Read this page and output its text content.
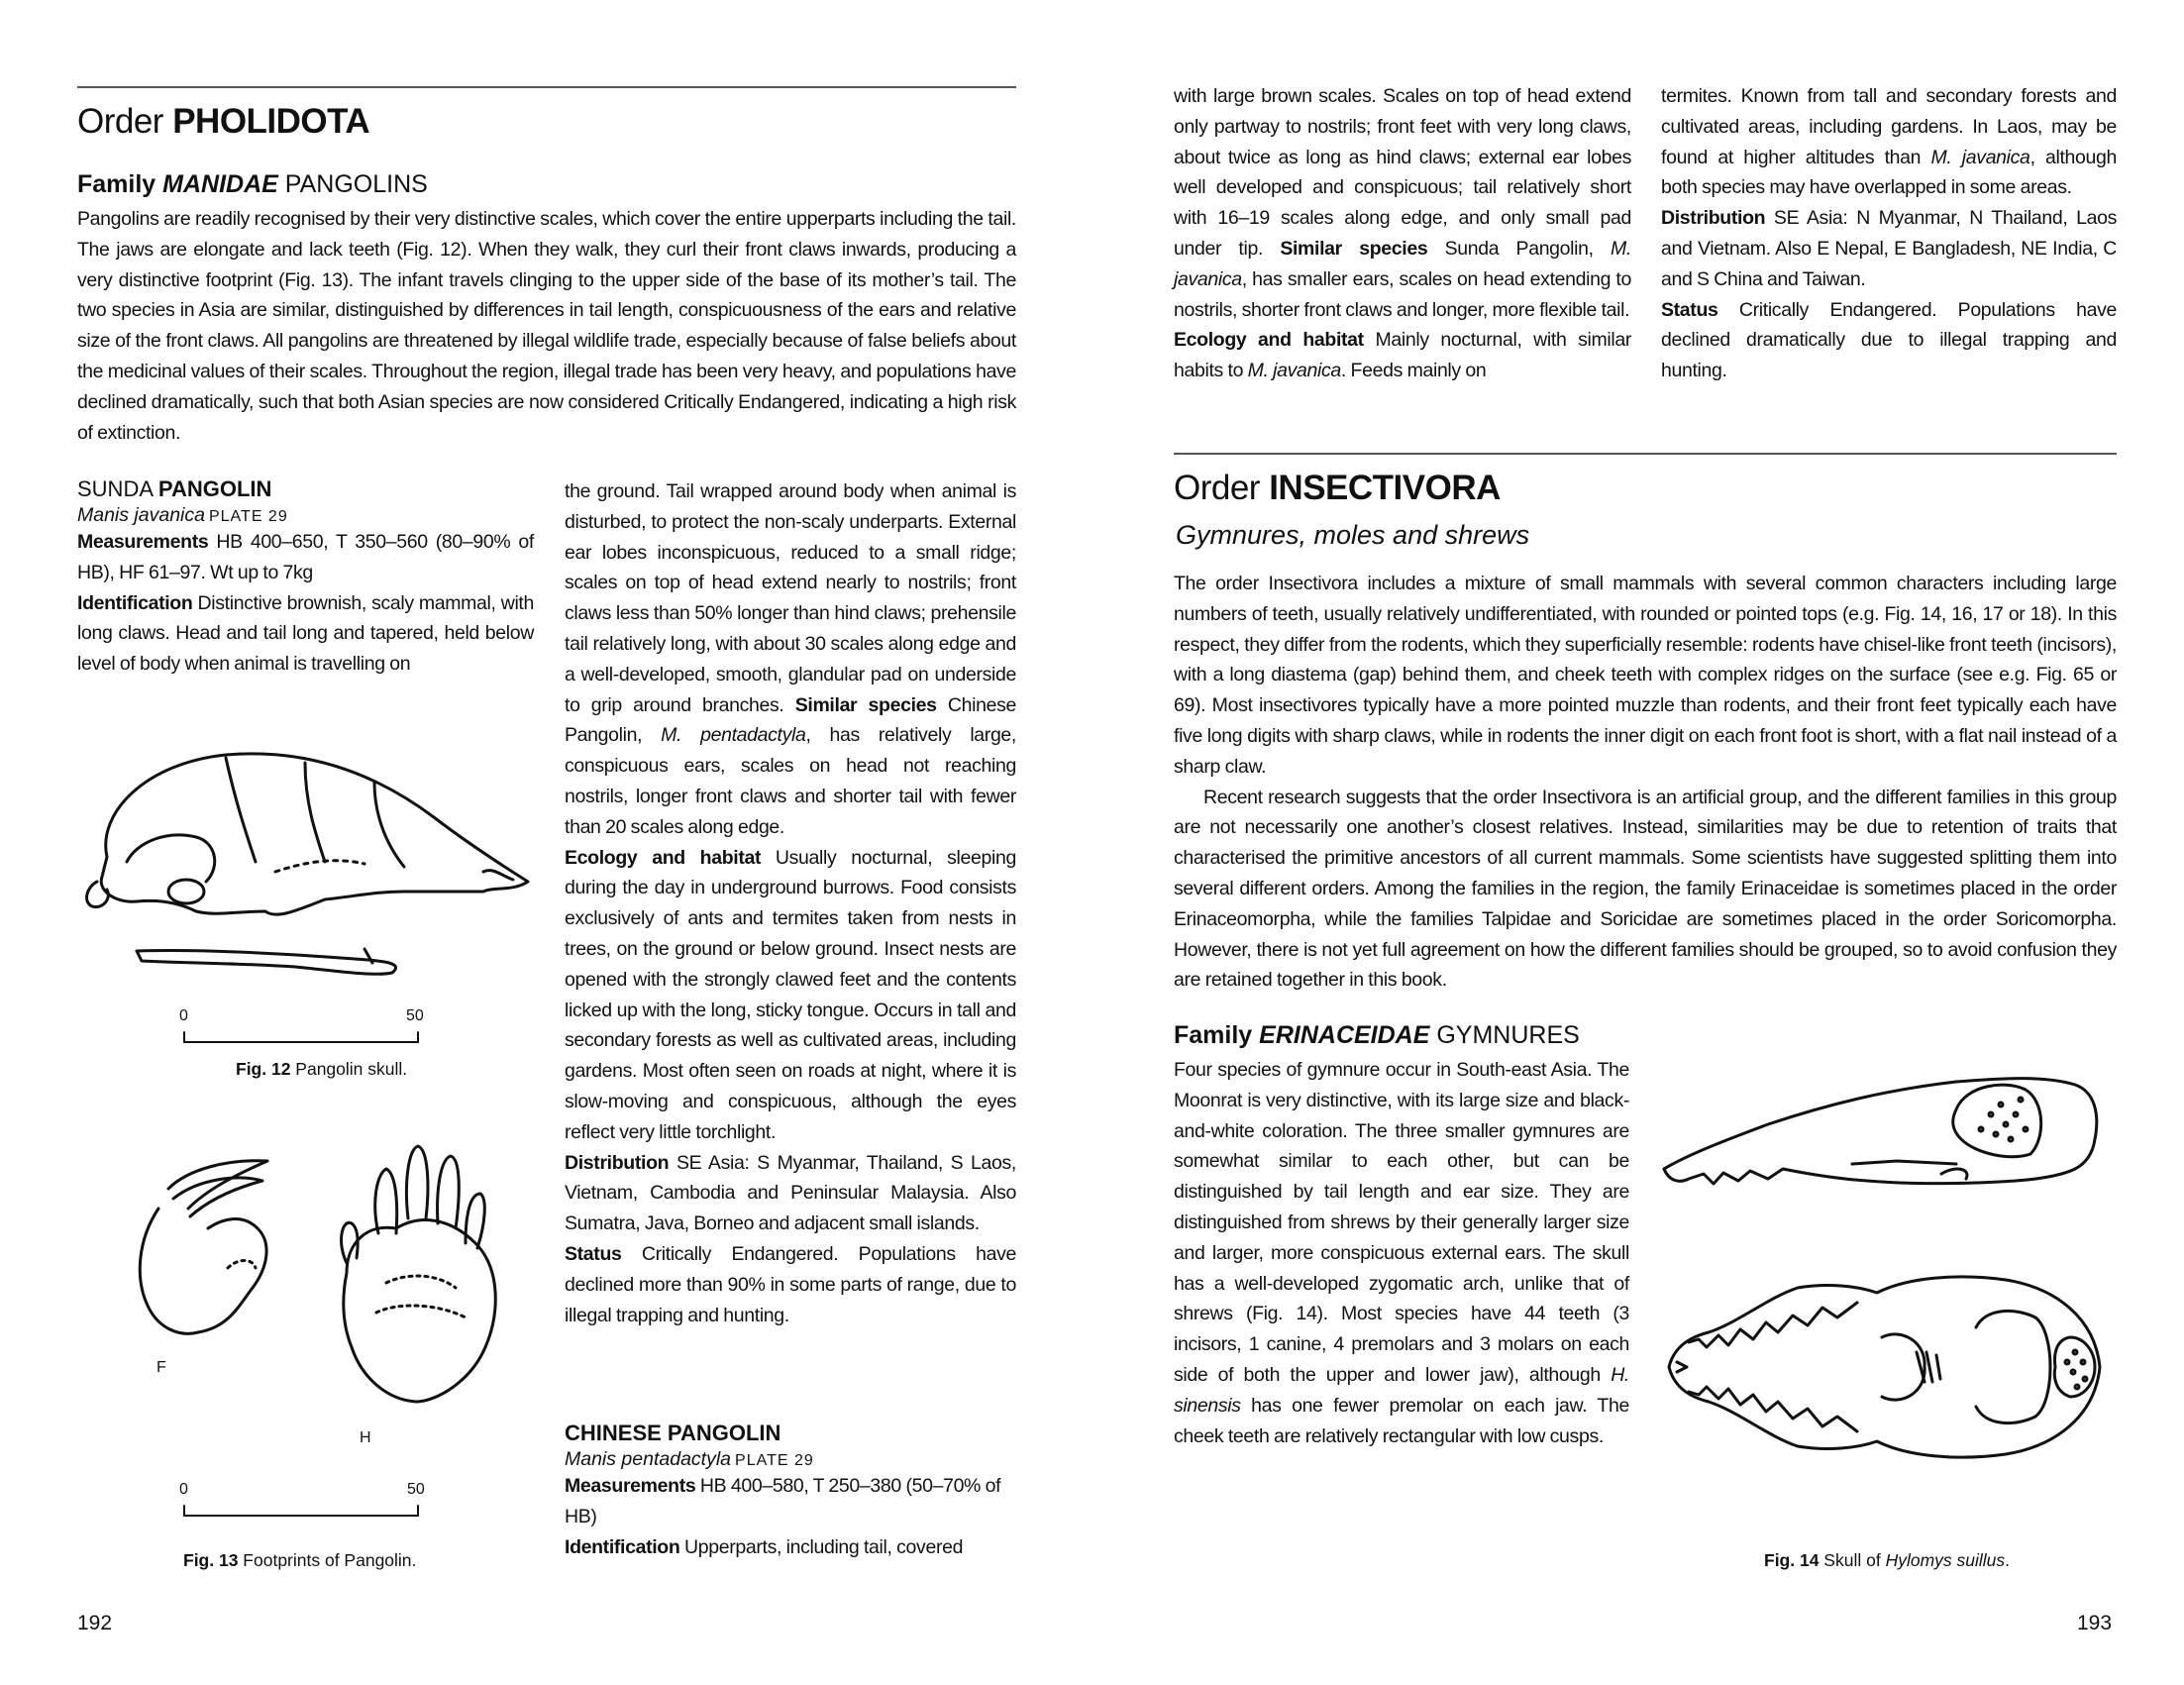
Order PHOLIDOTA
Family MANIDAE PANGOLINS

Pangolins are readily recognised by their very distinctive scales, which cover the entire upperparts including the tail. The jaws are elongate and lack teeth (Fig. 12). When they walk, they curl their front claws inwards, producing a very distinctive footprint (Fig. 13). The infant travels clinging to the upper side of the base of its mother’s tail. The two species in Asia are similar, distinguished by differences in tail length, conspicuousness of the ears and relative size of the front claws. All pangolins are threatened by illegal wildlife trade, especially because of false beliefs about the medicinal values of their scales. Throughout the region, illegal trade has been very heavy, and populations have declined dramatically, such that both Asian species are now considered Critically Endangered, indicating a high risk of extinction.

SUNDA PANGOLIN
Manis javanica PLATE 29

Measurements HB 400–650, T 350–560 (80–90% of HB), HF 61–97. Wt up to 7kg

Identification Distinctive brownish, scaly mammal, with long claws. Head and tail long and tapered, held below level of body when animal is travelling on

0	50
Fig. 12 Pangolin skull.
F
H
0	50
Fig. 13 Footprints of Pangolin.

the ground. Tail wrapped around body when animal is disturbed, to protect the non-scaly underparts. External ear lobes inconspicuous, reduced to a small ridge; scales on top of head extend nearly to nostrils; front claws less than 50% longer than hind claws; prehensile tail relatively long, with about 30 scales along edge and a well-developed, smooth, glandular pad on underside to grip around branches. Similar species Chinese Pangolin, M. pentadactyla, has relatively large, conspicuous ears, scales on head not reaching nostrils, longer front claws and shorter tail with fewer than 20 scales along edge.

Ecology and habitat Usually nocturnal, sleeping during the day in underground burrows. Food consists exclusively of ants and termites taken from nests in trees, on the ground or below ground. Insect nests are opened with the strongly clawed feet and the contents licked up with the long, sticky tongue. Occurs in tall and secondary forests as well as cultivated areas, including gardens. Most often seen on roads at night, where it is slow-moving and conspicuous, although the eyes reflect very little torchlight.

Distribution SE Asia: S Myanmar, Thailand, S Laos, Vietnam, Cambodia and Peninsular Malaysia. Also Sumatra, Java, Borneo and adjacent small islands.

Status Critically Endangered. Populations have declined more than 90% in some parts of range, due to illegal trapping and hunting.

CHINESE PANGOLIN
Manis pentadactyla PLATE 29

Measurements HB 400–580, T 250–380 (50–70% of HB)

Identification Upperparts, including tail, covered

192

with large brown scales. Scales on top of head extend only partway to nostrils; front feet with very long claws, about twice as long as hind claws; external ear lobes well developed and conspicuous; tail relatively short with 16–19 scales along edge, and only small pad under tip. Similar species Sunda Pangolin, M. javanica, has smaller ears, scales on head extending to nostrils, shorter front claws and longer, more flexible tail.

Ecology and habitat Mainly nocturnal, with similar habits to M. javanica. Feeds mainly on

termites. Known from tall and secondary forests and cultivated areas, including gardens. In Laos, may be found at higher altitudes than M. javanica, although both species may have overlapped in some areas.

Distribution SE Asia: N Myanmar, N Thailand, Laos and Vietnam. Also E Nepal, E Bangladesh, NE India, C and S China and Taiwan.

Status Critically Endangered. Populations have declined dramatically due to illegal trapping and hunting.

Order INSECTIVORA
Gymnures, moles and shrews

The order Insectivora includes a mixture of small mammals with several common characters including large numbers of teeth, usually relatively undifferentiated, with rounded or pointed tops (e.g. Fig. 14, 16, 17 or 18). In this respect, they differ from the rodents, which they superficially resemble: rodents have chisel-like front teeth (incisors), with a long diastema (gap) behind them, and cheek teeth with complex ridges on the surface (see e.g. Fig. 65 or 69). Most insectivores typically have a more pointed muzzle than rodents, and their front feet typically each have five long digits with sharp claws, while in rodents the inner digit on each front foot is short, with a flat nail instead of a sharp claw.

Recent research suggests that the order Insectivora is an artificial group, and the different families in this group are not necessarily one another’s closest relatives. Instead, similarities may be due to retention of traits that characterised the primitive ancestors of all current mammals. Some scientists have suggested splitting them into several different orders. Among the families in the region, the family Erinaceidae is sometimes placed in the order Erinaceomorpha, while the families Talpidae and Soricidae are sometimes placed in the order Soricomorpha. However, there is not yet full agreement on how the different families should be grouped, so to avoid confusion they are retained together in this book.

Family ERINACEIDAE GYMNURES

Four species of gymnure occur in South-east Asia. The Moonrat is very distinctive, with its large size and black-and-white coloration. The three smaller gymnures are somewhat similar to each other, but can be distinguished by tail length and ear size. They are distinguished from shrews by their generally larger size and larger, more conspicuous external ears. The skull has a well-developed zygomatic arch, unlike that of shrews (Fig. 14). Most species have 44 teeth (3 incisors, 1 canine, 4 premolars and 3 molars on each side of both the upper and lower jaw), although H. sinensis has one fewer premolar on each jaw. The cheek teeth are relatively rectangular with low cusps.

Fig. 14 Skull of Hylomys suillus.
193
